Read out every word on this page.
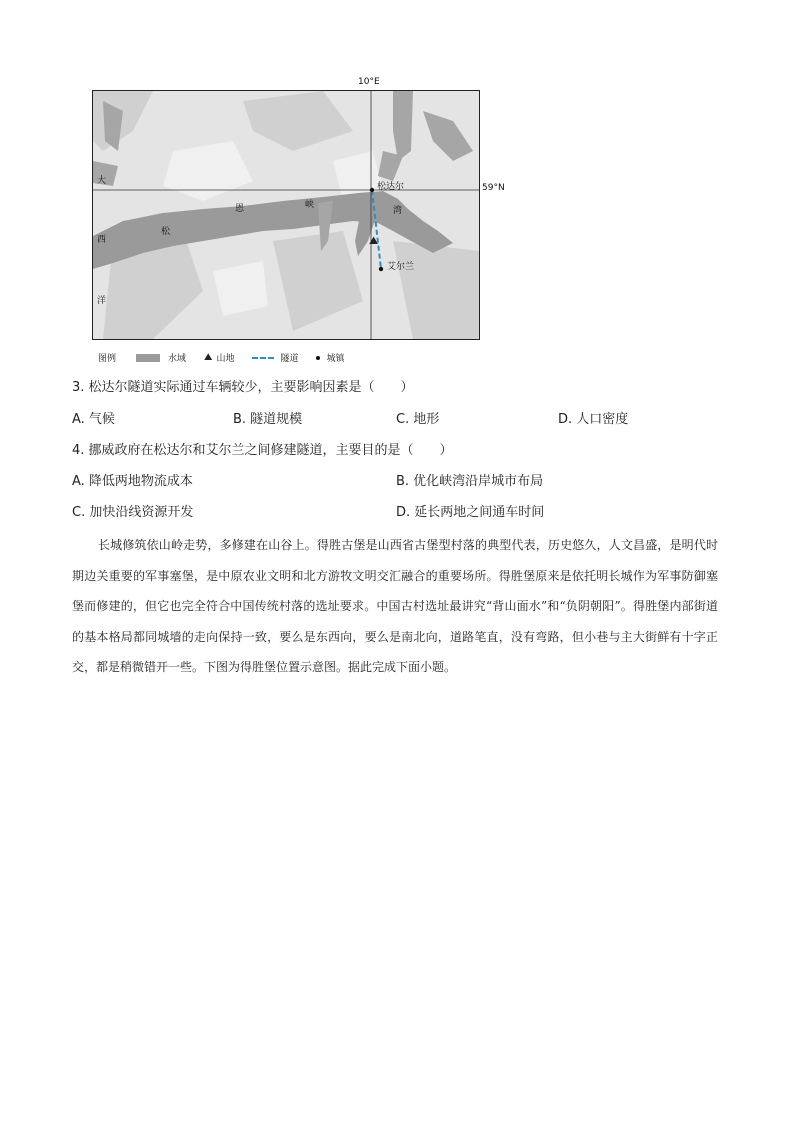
10°E
59°N
⛰
大
西
洋
松
恩	峡
湾
松达尔
艾尔兰
图例	水域 ⛰ 山地	隧道	城镇
3. 松达尔隧道实际通过车辆较少，主要影响因素是（　　）
A. 气候	B. 隧道规模	C. 地形	D. 人口密度
4. 挪威政府在松达尔和艾尔兰之间修建隧道，主要目的是（　　）
A. 降低两地物流成本	B. 优化峡湾沿岸城市布局
C. 加快沿线资源开发	D. 延长两地之间通车时间
长城修筑依山岭走势，多修建在山谷上。得胜古堡是山西省古堡型村落的典型代表，历史悠久，人文昌盛，是明代时期边关重要的军事塞堡，是中原农业文明和北方游牧文明交汇融合的重要场所。得胜堡原来是依托明长城作为军事防御塞堡而修建的，但它也完全符合中国传统村落的选址要求。中国古村选址最讲究“背山面水”和“负阴朝阳”。得胜堡内部街道的基本格局都同城墙的走向保持一致，要么是东西向，要么是南北向，道路笔直，没有弯路，但小巷与主大街鲜有十字正交，都是稍微错开一些。下图为得胜堡位置示意图。据此完成下面小题。
